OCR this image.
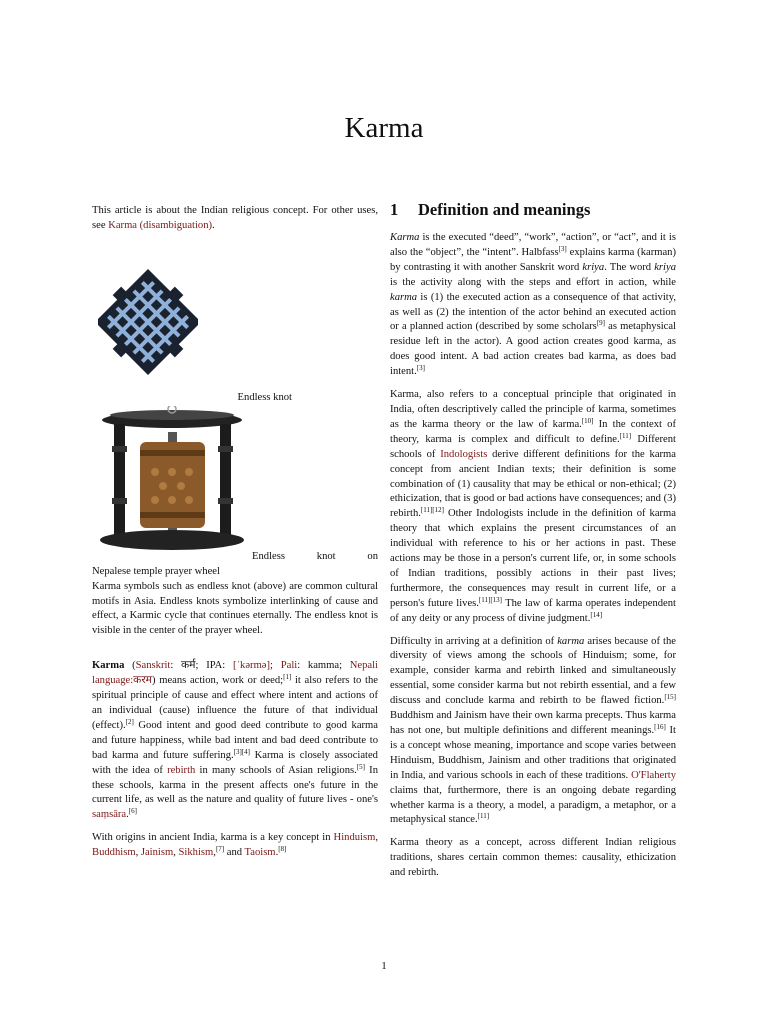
Karma

This article is about the Indian religious concept. For other uses, see Karma (disambiguation).

Endless knot
Endless	knot	on
Nepalese temple prayer wheel

Karma symbols such as endless knot (above) are common cultural motifs in Asia. Endless knots symbolize interlinking of cause and effect, a Karmic cycle that continues eternally. The endless knot is visible in the center of the prayer wheel.

Karma (Sanskrit: कर्म; IPA: [ˈkərmə]; Pali: kamma; Nepali language:करम) means action, work or deed;[1] it also refers to the spiritual principle of cause and effect where intent and actions of an individual (cause) influence the future of that individual (effect).[2] Good intent and good deed contribute to good karma and future happiness, while bad intent and bad deed contribute to bad karma and future suffering.[3][4] Karma is closely associated with the idea of rebirth in many schools of Asian religions.[5] In these schools, karma in the present affects one's future in the current life, as well as the nature and quality of future lives - one's saṃsāra.[6]

With origins in ancient India, karma is a key concept in Hinduism, Buddhism, Jainism, Sikhism,[7] and Taoism.[8]

1 Definition and meanings

Karma is the executed “deed”, “work”, “action”, or “act”, and it is also the “object”, the “intent”. Halbfass[3] explains karma (karman) by contrasting it with another Sanskrit word kriya. The word kriya is the activity along with the steps and effort in action, while karma is (1) the executed action as a consequence of that activity, as well as (2) the intention of the actor behind an executed action or a planned action (described by some scholars[9] as metaphysical residue left in the actor). A good action creates good karma, as does good intent. A bad action creates bad karma, as does bad intent.[3]

Karma, also refers to a conceptual principle that originated in India, often descriptively called the principle of karma, sometimes as the karma theory or the law of karma.[10] In the context of theory, karma is complex and difficult to define.[11] Different schools of Indologists derive different definitions for the karma concept from ancient Indian texts; their definition is some combination of (1) causality that may be ethical or non-ethical; (2) ethicization, that is good or bad actions have consequences; and (3) rebirth.[11][12] Other Indologists include in the definition of karma theory that which explains the present circumstances of an individual with reference to his or her actions in past. These actions may be those in a person's current life, or, in some schools of Indian traditions, possibly actions in their past lives; furthermore, the consequences may result in current life, or a person's future lives.[11][13] The law of karma operates independent of any deity or any process of divine judgment.[14]

Difficulty in arriving at a definition of karma arises because of the diversity of views among the schools of Hinduism; some, for example, consider karma and rebirth linked and simultaneously essential, some consider karma but not rebirth essential, and a few discuss and conclude karma and rebirth to be flawed fiction.[15] Buddhism and Jainism have their own karma precepts. Thus karma has not one, but multiple definitions and different meanings.[16] It is a concept whose meaning, importance and scope varies between Hinduism, Buddhism, Jainism and other traditions that originated in India, and various schools in each of these traditions. O'Flaherty claims that, furthermore, there is an ongoing debate regarding whether karma is a theory, a model, a paradigm, a metaphor, or a metaphysical stance.[11]

Karma theory as a concept, across different Indian religious traditions, shares certain common themes: causality, ethicization and rebirth.

1
